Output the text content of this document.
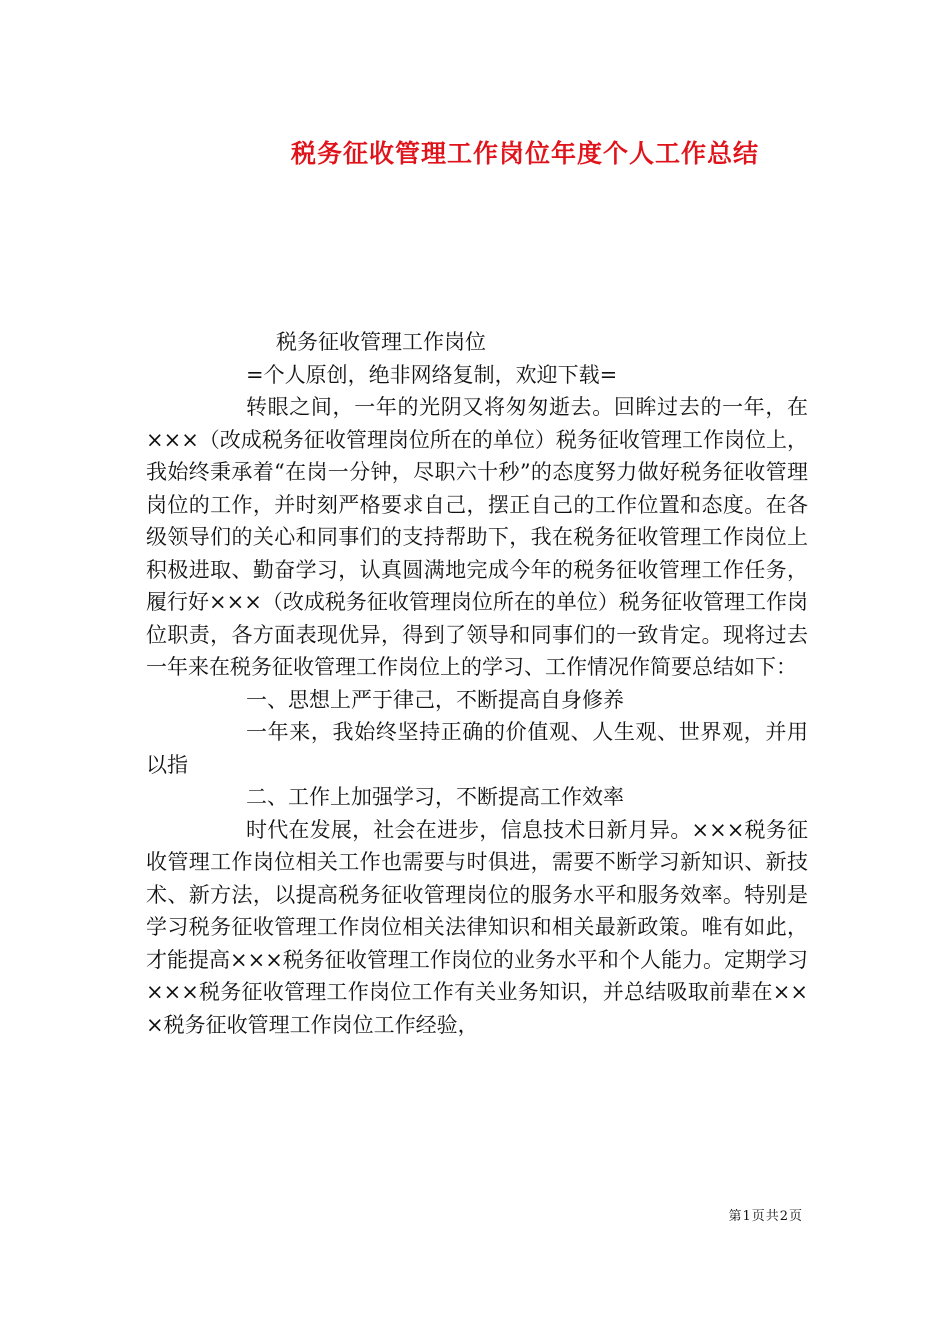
税务征收管理工作岗位年度个人工作总结

税务征收管理工作岗位

=个人原创，绝非网络复制，欢迎下载=

转眼之间，一年的光阴又将匆匆逝去。回眸过去的一年，在×××（改成税务征收管理岗位所在的单位）税务征收管理工作岗位上，我始终秉承着“在岗一分钟，尽职六十秒”的态度努力做好税务征收管理岗位的工作，并时刻严格要求自己，摆正自己的工作位置和态度。在各级领导们的关心和同事们的支持帮助下，我在税务征收管理工作岗位上积极进取、勤奋学习，认真圆满地完成今年的税务征收管理工作任务，履行好×××（改成税务征收管理岗位所在的单位）税务征收管理工作岗位职责，各方面表现优异，得到了领导和同事们的一致肯定。现将过去一年来在税务征收管理工作岗位上的学习、工作情况作简要总结如下：

一、思想上严于律己，不断提高自身修养

一年来，我始终坚持正确的价值观、人生观、世界观，并用以指

二、工作上加强学习，不断提高工作效率

时代在发展，社会在进步，信息技术日新月异。×××税务征收管理工作岗位相关工作也需要与时俱进，需要不断学习新知识、新技术、新方法，以提高税务征收管理岗位的服务水平和服务效率。特别是学习税务征收管理工作岗位相关法律知识和相关最新政策。唯有如此，才能提高×××税务征收管理工作岗位的业务水平和个人能力。定期学习×××税务征收管理工作岗位工作有关业务知识，并总结吸取前辈在×××税务征收管理工作岗位工作经验，

第1页共2页
